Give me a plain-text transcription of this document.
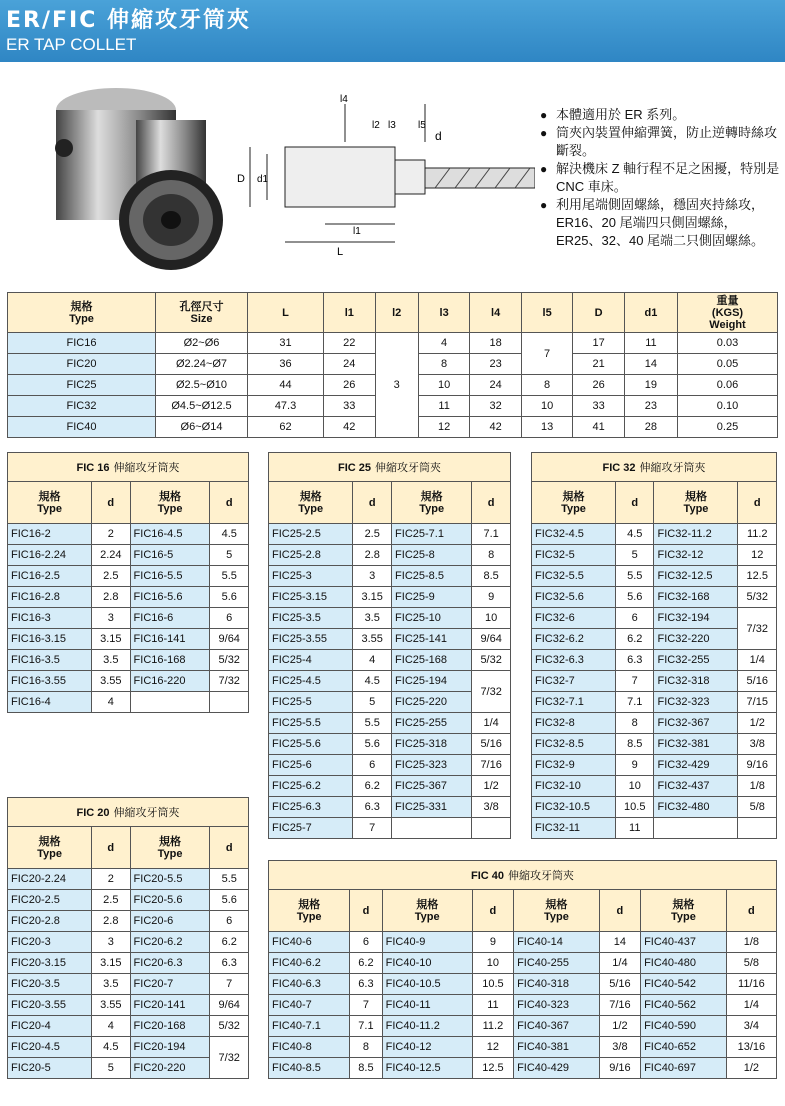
ER/FIC 伸縮攻牙筒夾
ER TAP COLLET
l4
l2 l3 l5
d
D d1
l1
L
● 本體適用於 ER 系列。
● 筒夾內裝置伸縮彈簧，防止逆轉時絲攻斷裂。
● 解決機床 Z 軸行程不足之困擾，特別是 CNC 車床。
● 利用尾端側固螺絲，穩固夾持絲攻，ER16、20 尾端四只側固螺絲，ER25、32、40 尾端二只側固螺絲。
規格
Type	孔徑尺寸
Size	L	l1	l2	l3	l4	l5	D	d1	重量
(KGS)
Weight
FIC16	Ø2~Ø6	31	22	3	4	18	7	17	11	0.03
FIC20	Ø2.24~Ø7	36	24		8	23		21	14	0.05
FIC25	Ø2.5~Ø10	44	26		10	24	8	26	19	0.06
FIC32	Ø4.5~Ø12.5	47.3	33		11	32	10	33	23	0.10
FIC40	Ø6~Ø14	62	42		12	42	13	41	28	0.25
FIC 16 伸縮攻牙筒夾			
規格
Type	d	規格
Type	d
FIC16-2	2	FIC16-4.5	4.5
FIC16-2.24	2.24	FIC16-5	5
FIC16-2.5	2.5	FIC16-5.5	5.5
FIC16-2.8	2.8	FIC16-5.6	5.6
FIC16-3	3	FIC16-6	6
FIC16-3.15	3.15	FIC16-141	9/64
FIC16-3.5	3.5	FIC16-168	5/32
FIC16-3.55	3.55	FIC16-220	7/32
FIC16-4	4		
FIC 25 伸縮攻牙筒夾			
規格
Type	d	規格
Type	d
FIC25-2.5	2.5	FIC25-7.1	7.1
FIC25-2.8	2.8	FIC25-8	8
FIC25-3	3	FIC25-8.5	8.5
FIC25-3.15	3.15	FIC25-9	9
FIC25-3.5	3.5	FIC25-10	10
FIC25-3.55	3.55	FIC25-141	9/64
FIC25-4	4	FIC25-168	5/32
FIC25-4.5	4.5	FIC25-194	7/32
FIC25-5	5	FIC25-220	
FIC25-5.5	5.5	FIC25-255	1/4
FIC25-5.6	5.6	FIC25-318	5/16
FIC25-6	6	FIC25-323	7/16
FIC25-6.2	6.2	FIC25-367	1/2
FIC25-6.3	6.3	FIC25-331	3/8
FIC25-7	7		
FIC 32 伸縮攻牙筒夾			
規格
Type	d	規格
Type	d
FIC32-4.5	4.5	FIC32-11.2	11.2
FIC32-5	5	FIC32-12	12
FIC32-5.5	5.5	FIC32-12.5	12.5
FIC32-5.6	5.6	FIC32-168	5/32
FIC32-6	6	FIC32-194	7/32
FIC32-6.2	6.2	FIC32-220	
FIC32-6.3	6.3	FIC32-255	1/4
FIC32-7	7	FIC32-318	5/16
FIC32-7.1	7.1	FIC32-323	7/15
FIC32-8	8	FIC32-367	1/2
FIC32-8.5	8.5	FIC32-381	3/8
FIC32-9	9	FIC32-429	9/16
FIC32-10	10	FIC32-437	1/8
FIC32-10.5	10.5	FIC32-480	5/8
FIC32-11	11		
FIC 20 伸縮攻牙筒夾			
規格
Type	d	規格
Type	d
FIC20-2.24	2	FIC20-5.5	5.5
FIC20-2.5	2.5	FIC20-5.6	5.6
FIC20-2.8	2.8	FIC20-6	6
FIC20-3	3	FIC20-6.2	6.2
FIC20-3.15	3.15	FIC20-6.3	6.3
FIC20-3.5	3.5	FIC20-7	7
FIC20-3.55	3.55	FIC20-141	9/64
FIC20-4	4	FIC20-168	5/32
FIC20-4.5	4.5	FIC20-194	7/32
FIC20-5	5	FIC20-220	
FIC 40 伸縮攻牙筒夾							
規格
Type	d	規格
Type	d	規格
Type	d	規格
Type	d
FIC40-6	6	FIC40-9	9	FIC40-14	14	FIC40-437	1/8
FIC40-6.2	6.2	FIC40-10	10	FIC40-255	1/4	FIC40-480	5/8
FIC40-6.3	6.3	FIC40-10.5	10.5	FIC40-318	5/16	FIC40-542	11/16
FIC40-7	7	FIC40-11	11	FIC40-323	7/16	FIC40-562	1/4
FIC40-7.1	7.1	FIC40-11.2	11.2	FIC40-367	1/2	FIC40-590	3/4
FIC40-8	8	FIC40-12	12	FIC40-381	3/8	FIC40-652	13/16
FIC40-8.5	8.5	FIC40-12.5	12.5	FIC40-429	9/16	FIC40-697	1/2
